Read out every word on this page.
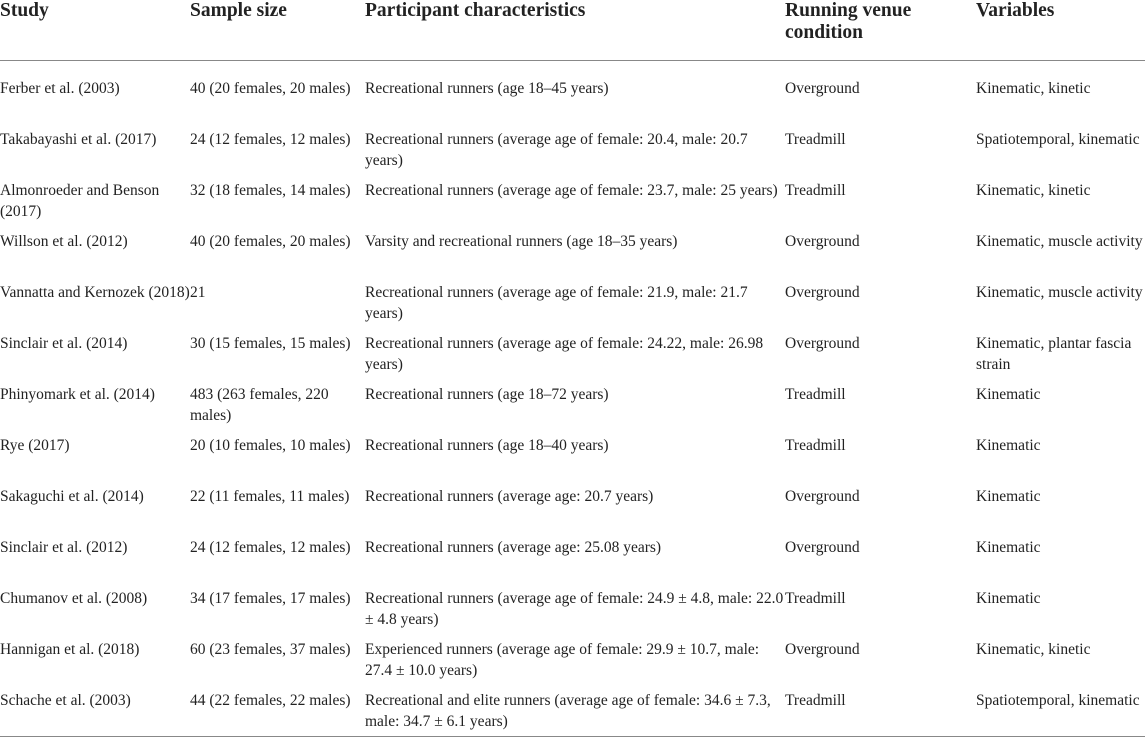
Study	Sample size	Participant characteristics	Running venue condition	Variables
Ferber et al. (2003)	40 (20 females, 20 males)	Recreational runners (age 18–45 years)	Overground	Kinematic, kinetic
Takabayashi et al. (2017)	24 (12 females, 12 males)	Recreational runners (average age of female: 20.4, male: 20.7 years)	Treadmill	Spatiotemporal, kinematic
Almonroeder and Benson (2017)	32 (18 females, 14 males)	Recreational runners (average age of female: 23.7, male: 25 years)	Treadmill	Kinematic, kinetic
Willson et al. (2012)	40 (20 females, 20 males)	Varsity and recreational runners (age 18–35 years)	Overground	Kinematic, muscle activity
Vannatta and Kernozek (2018)	21	Recreational runners (average age of female: 21.9, male: 21.7 years)	Overground	Kinematic, muscle activity
Sinclair et al. (2014)	30 (15 females, 15 males)	Recreational runners (average age of female: 24.22, male: 26.98 years)	Overground	Kinematic, plantar fascia strain
Phinyomark et al. (2014)	483 (263 females, 220 males)	Recreational runners (age 18–72 years)	Treadmill	Kinematic
Rye (2017)	20 (10 females, 10 males)	Recreational runners (age 18–40 years)	Treadmill	Kinematic
Sakaguchi et al. (2014)	22 (11 females, 11 males)	Recreational runners (average age: 20.7 years)	Overground	Kinematic
Sinclair et al. (2012)	24 (12 females, 12 males)	Recreational runners (average age: 25.08 years)	Overground	Kinematic
Chumanov et al. (2008)	34 (17 females, 17 males)	Recreational runners (average age of female: 24.9 ± 4.8, male: 22.0 ± 4.8 years)	Treadmill	Kinematic
Hannigan et al. (2018)	60 (23 females, 37 males)	Experienced runners (average age of female: 29.9 ± 10.7, male: 27.4 ± 10.0 years)	Overground	Kinematic, kinetic
Schache et al. (2003)	44 (22 females, 22 males)	Recreational and elite runners (average age of female: 34.6 ± 7.3, male: 34.7 ± 6.1 years)	Treadmill	Spatiotemporal, kinematic
